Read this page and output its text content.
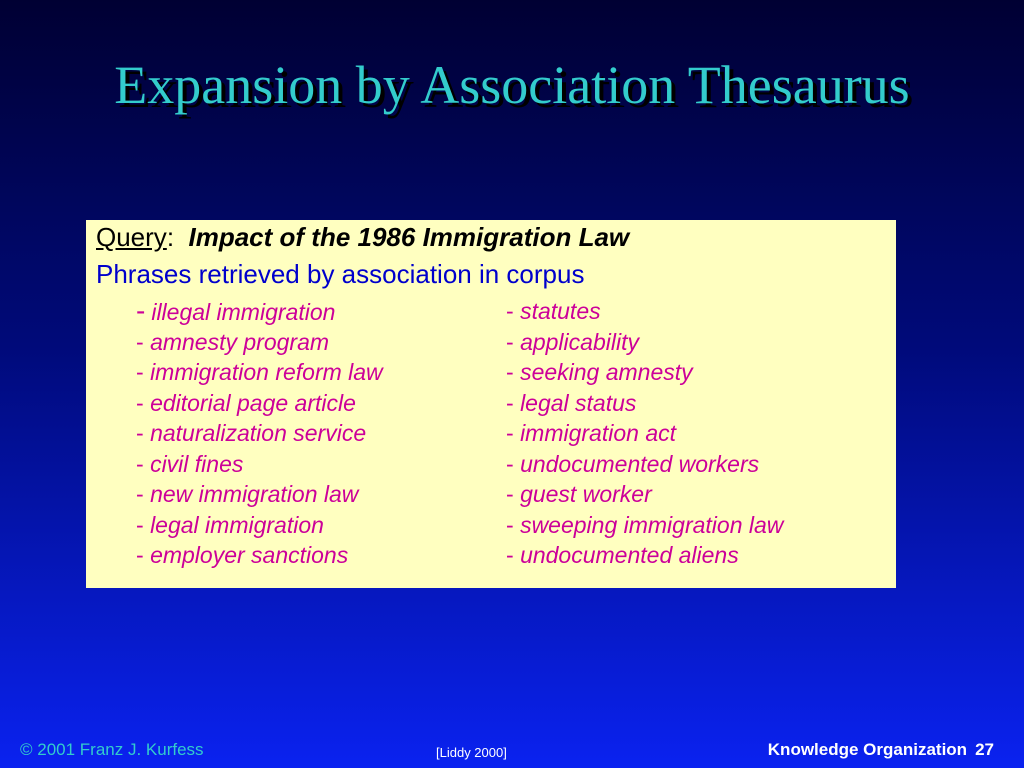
Expansion by Association Thesaurus
Query: Impact of the 1986 Immigration Law
Phrases retrieved by association in corpus
- illegal immigration	- statutes
- amnesty program	- applicability
- immigration reform law	- seeking amnesty
- editorial page article	- legal status
- naturalization service	- immigration act
- civil fines	- undocumented workers
- new immigration law	- guest worker
- legal immigration	- sweeping immigration law
- employer sanctions	- undocumented aliens
© 2001 Franz J. Kurfess	[Liddy 2000]	Knowledge Organization 27
